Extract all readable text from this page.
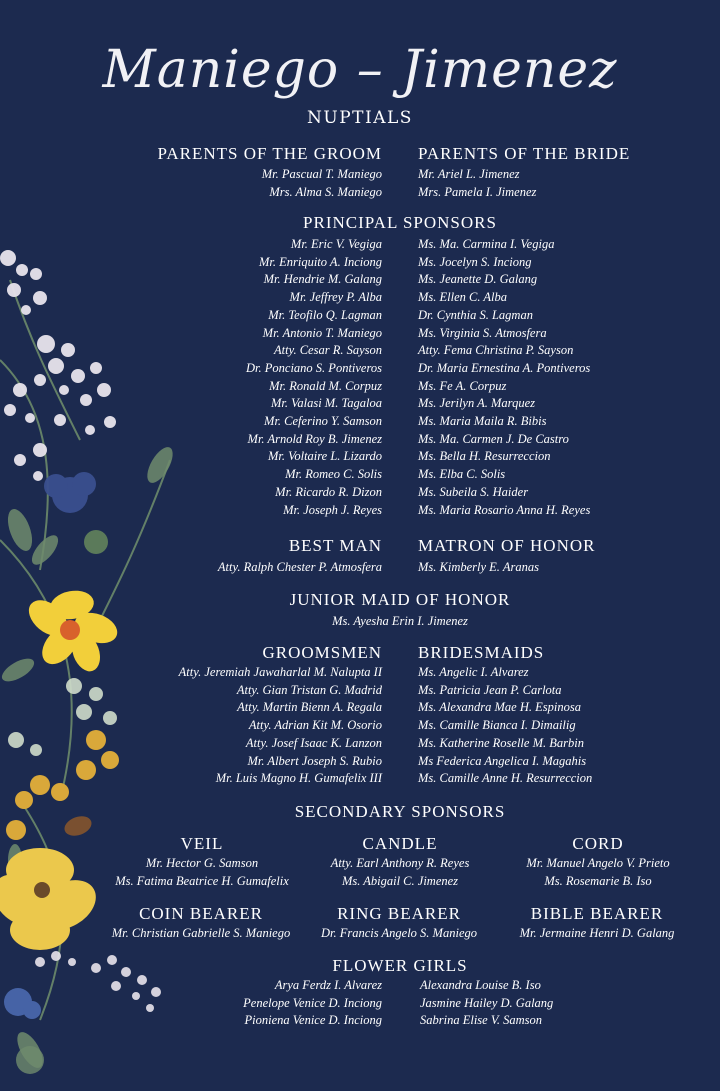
Maniego – Jimenez
NUPTIALS
PARENTS OF THE GROOM
Mr. Pascual T. Maniego
Mrs. Alma S. Maniego
PARENTS OF THE BRIDE
Mr. Ariel L. Jimenez
Mrs. Pamela I. Jimenez
PRINCIPAL SPONSORS
Mr. Eric V. Vegiga
Mr. Enriquito A. Inciong
Mr. Hendrie M. Galang
Mr. Jeffrey P. Alba
Mr. Teofilo Q. Lagman
Mr. Antonio T. Maniego
Atty. Cesar R. Sayson
Dr. Ponciano S. Pontiveros
Mr. Ronald M. Corpuz
Mr. Valasi M. Tagaloa
Mr. Ceferino Y. Samson
Mr. Arnold Roy B. Jimenez
Mr. Voltaire L. Lizardo
Mr. Romeo C. Solis
Mr. Ricardo R. Dizon
Mr. Joseph J. Reyes
Ms. Ma. Carmina I. Vegiga
Ms. Jocelyn S. Inciong
Ms. Jeanette D. Galang
Ms. Ellen C. Alba
Dr. Cynthia S. Lagman
Ms. Virginia S. Atmosfera
Atty. Fema Christina P. Sayson
Dr. Maria Ernestina A. Pontiveros
Ms. Fe A. Corpuz
Ms. Jerilyn A. Marquez
Ms. Maria Maila R. Bibis
Ms. Ma. Carmen J. De Castro
Ms. Bella H. Resurreccion
Ms. Elba C. Solis
Ms. Subeila S. Haider
Ms. Maria Rosario Anna H. Reyes
BEST MAN
Atty. Ralph Chester P. Atmosfera
MATRON OF HONOR
Ms. Kimberly E. Aranas
JUNIOR MAID OF HONOR
Ms. Ayesha Erin I. Jimenez
GROOMSMEN
Atty. Jeremiah Jawaharlal M. Nalupta II
Atty. Gian Tristan G. Madrid
Atty. Martin Bienn A. Regala
Atty. Adrian Kit M. Osorio
Atty. Josef Isaac K. Lanzon
Mr. Albert Joseph S. Rubio
Mr. Luis Magno H. Gumafelix III
BRIDESMAIDS
Ms. Angelic I. Alvarez
Ms. Patricia Jean P. Carlota
Ms. Alexandra Mae H. Espinosa
Ms. Camille Bianca I. Dimailig
Ms. Katherine Roselle M. Barbin
Ms Federica Angelica I. Magahis
Ms. Camille Anne H. Resurreccion
SECONDARY SPONSORS
VEIL
Mr. Hector G. Samson
Ms. Fatima Beatrice H. Gumafelix
CANDLE
Atty. Earl Anthony R. Reyes
Ms. Abigail C. Jimenez
CORD
Mr. Manuel Angelo V. Prieto
Ms. Rosemarie B. Iso
COIN BEARER
Mr. Christian Gabrielle S. Maniego
RING BEARER
Dr. Francis Angelo S. Maniego
BIBLE BEARER
Mr. Jermaine Henri D. Galang
FLOWER GIRLS
Arya Ferdz I. Alvarez
Penelope Venice D. Inciong
Pioniena Venice D. Inciong
Alexandra Louise B. Iso
Jasmine Hailey D. Galang
Sabrina Elise V. Samson
